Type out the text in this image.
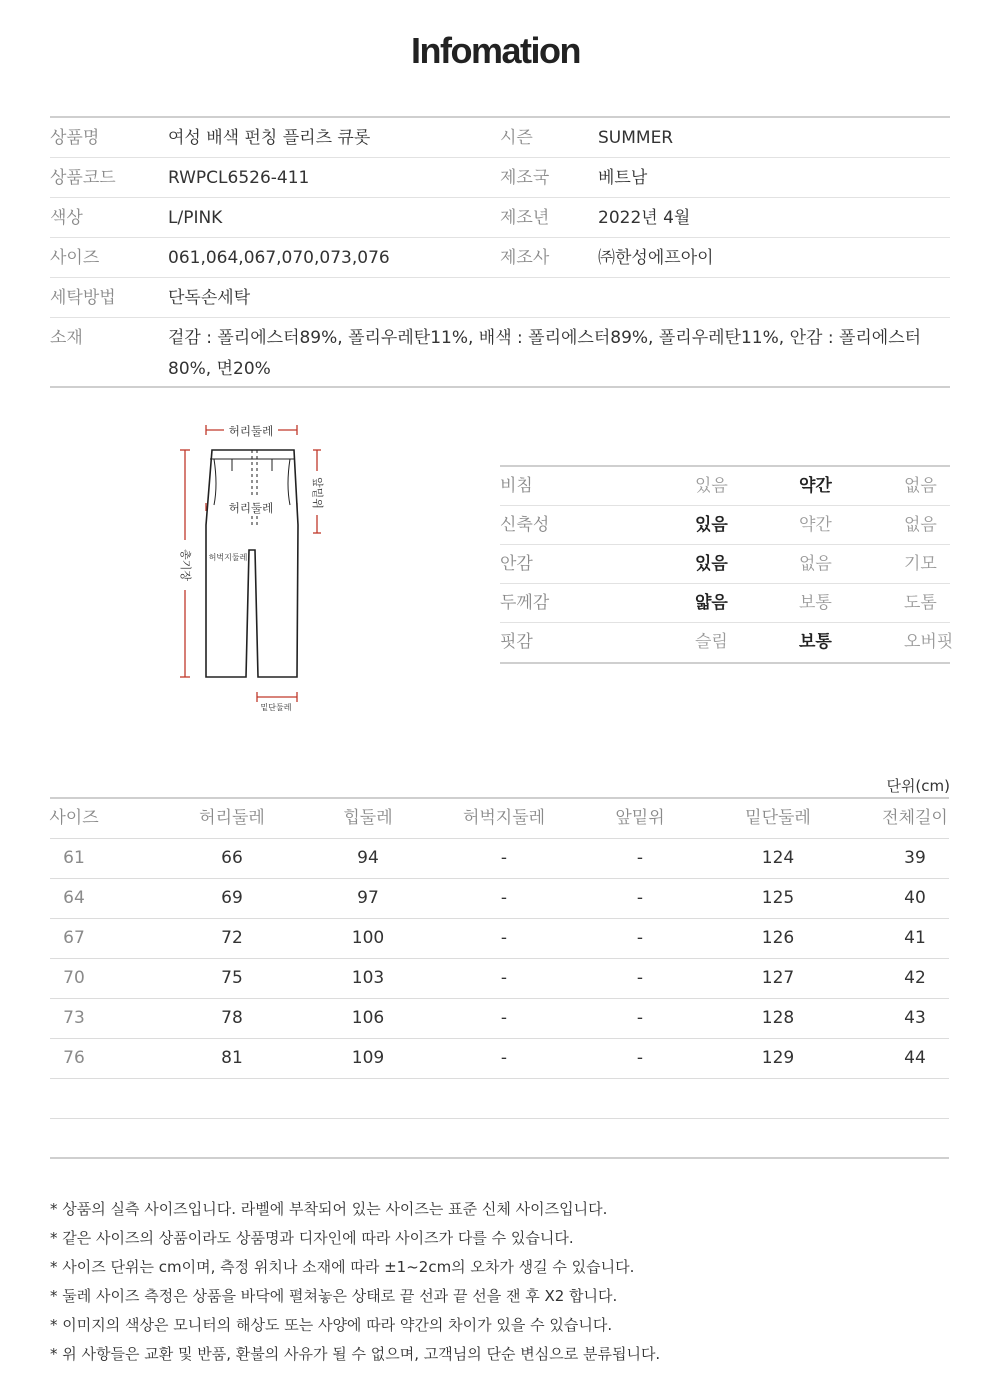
Infomation
상품명	여성 배색 펀칭 플리츠 큐롯	시즌	SUMMER
상품코드	RWPCL6526-411	제조국	베트남
색상	L/PINK	제조년	2022년 4월
사이즈	061,064,067,070,073,076	제조사	㈜한성에프아이
세탁방법	단독손세탁
소재	겉감 : 폴리에스터89%, 폴리우레탄11%, 배색 : 폴리에스터89%, 폴리우레탄11%, 안감 : 폴리에스터 80%, 면20%
허리둘레
허리둘레
허벅지둘레
밑단둘레
앞밑위
총기장
비침	있음	약간	없음
신축성	있음	약간	없음
안감	있음	없음	기모
두께감	얇음	보통	도톰
핏감	슬림	보통	오버핏
단위(cm)
사이즈	허리둘레	힙둘레	허벅지둘레	앞밑위	밑단둘레	전체길이
61	66	94	-	-	124	39
64	69	97	-	-	125	40
67	72	100	-	-	126	41
70	75	103	-	-	127	42
73	78	106	-	-	128	43
76	81	109	-	-	129	44
* 상품의 실측 사이즈입니다. 라벨에 부착되어 있는 사이즈는 표준 신체 사이즈입니다.
* 같은 사이즈의 상품이라도 상품명과 디자인에 따라 사이즈가 다를 수 있습니다.
* 사이즈 단위는 cm이며, 측정 위치나 소재에 따라 ±1~2cm의 오차가 생길 수 있습니다.
* 둘레 사이즈 측정은 상품을 바닥에 펼쳐놓은 상태로 끝 선과 끝 선을 잰 후 X2 합니다.
* 이미지의 색상은 모니터의 해상도 또는 사양에 따라 약간의 차이가 있을 수 있습니다.
* 위 사항들은 교환 및 반품, 환불의 사유가 될 수 없으며, 고객님의 단순 변심으로 분류됩니다.
